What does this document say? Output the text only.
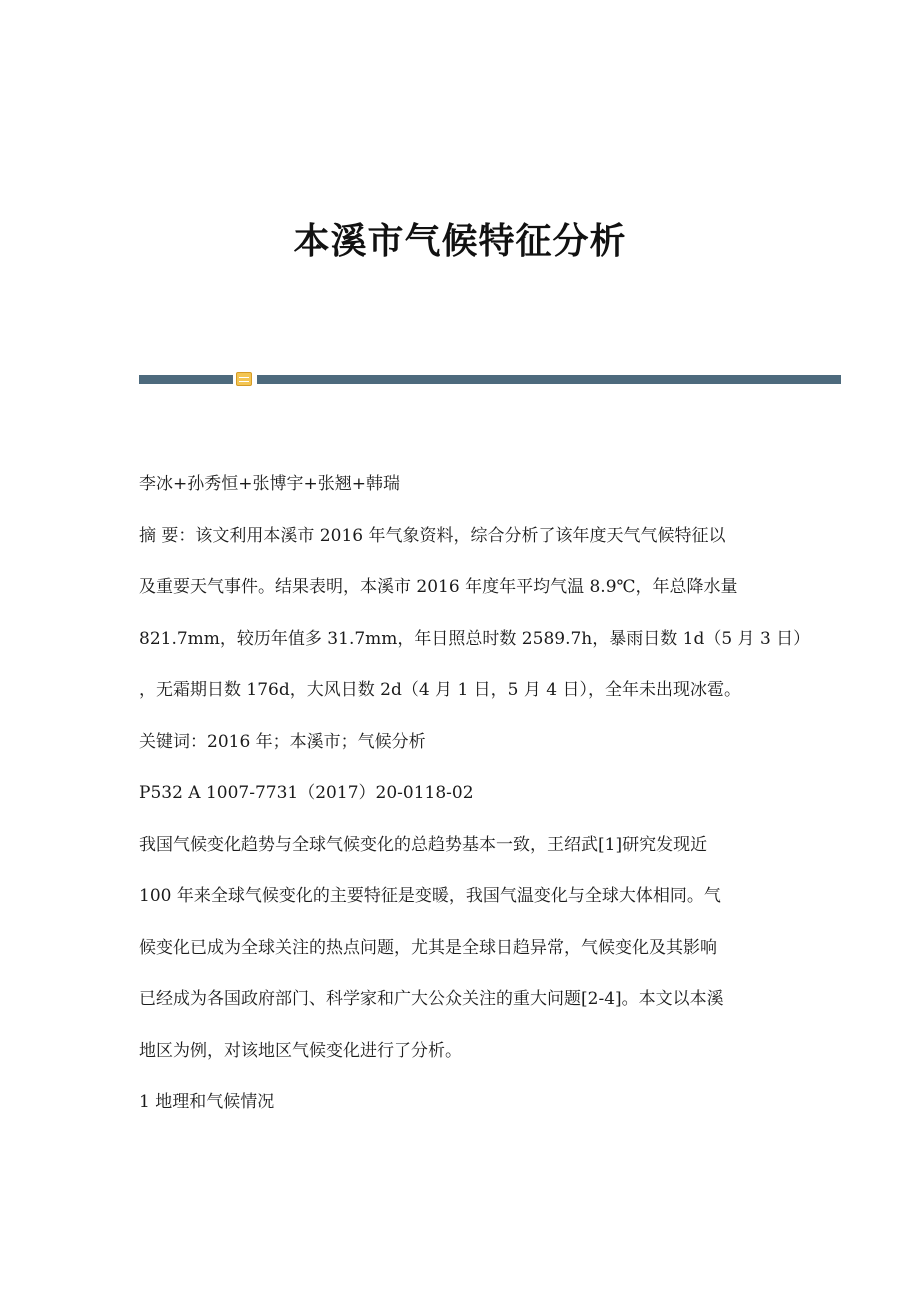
本溪市气候特征分析
李冰+孙秀恒+张博宇+张翘+韩瑞
摘 要：该文利用本溪市 2016 年气象资料，综合分析了该年度天气气候特征以
及重要天气事件。结果表明，本溪市 2016 年度年平均气温 8.9℃，年总降水量
821.7mm，较历年值多 31.7mm，年日照总时数 2589.7h，暴雨日数 1d（5 月 3 日）
，无霜期日数 176d，大风日数 2d（4 月 1 日，5 月 4 日），全年未出现冰雹。
关键词：2016 年；本溪市；气候分析
P532 A 1007-7731（2017）20-0118-02
我国气候变化趋势与全球气候变化的总趋势基本一致，王绍武[1]研究发现近
100 年来全球气候变化的主要特征是变暖，我国气温变化与全球大体相同。气
候变化已成为全球关注的热点问题，尤其是全球日趋异常，气候变化及其影响
已经成为各国政府部门、科学家和广大公众关注的重大问题[2-4]。本文以本溪
地区为例，对该地区气候变化进行了分析。
1 地理和气候情况
